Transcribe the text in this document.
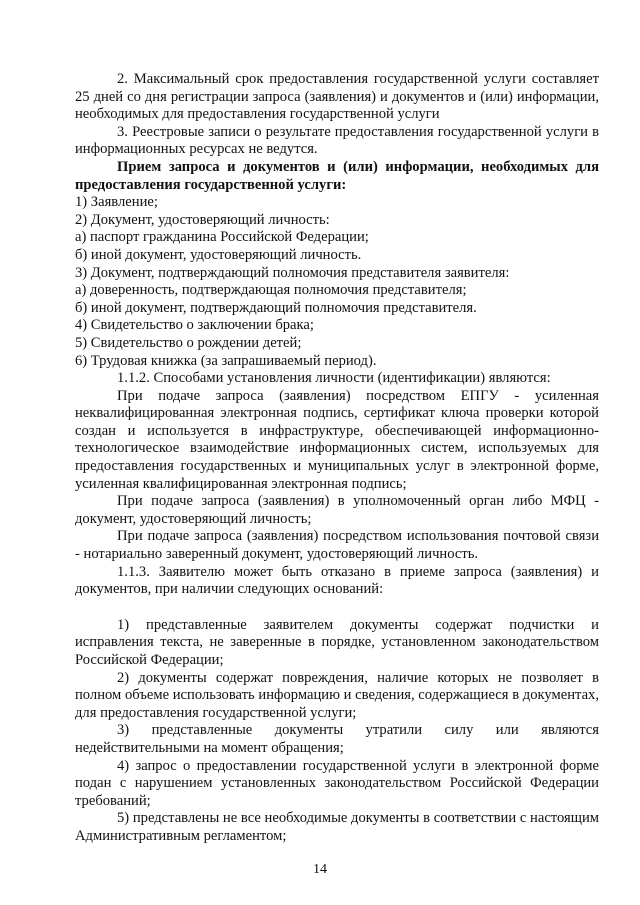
2. Максимальный срок предоставления государственной услуги составляет 25 дней со дня регистрации запроса (заявления) и документов и (или) информации, необходимых для предоставления государственной услуги

3. Реестровые записи о результате предоставления государственной услуги в информационных ресурсах не ведутся.

Прием запроса и документов и (или) информации, необходимых для предоставления государственной услуги:

1) Заявление;

2) Документ, удостоверяющий личность:

а) паспорт гражданина Российской Федерации;

б) иной документ, удостоверяющий личность.

3) Документ, подтверждающий полномочия представителя заявителя:

а) доверенность, подтверждающая полномочия представителя;

б) иной документ, подтверждающий полномочия представителя.

4) Свидетельство о заключении брака;

5) Свидетельство о рождении детей;

6) Трудовая книжка (за запрашиваемый период).

1.1.2. Способами установления личности (идентификации) являются:

При подаче запроса (заявления) посредством ЕПГУ - усиленная неквалифицированная электронная подпись, сертификат ключа проверки которой создан и используется в инфраструктуре, обеспечивающей информационно-технологическое взаимодействие информационных систем, используемых для предоставления государственных и муниципальных услуг в электронной форме, усиленная квалифицированная электронная подпись;

При подаче запроса (заявления) в уполномоченный орган либо МФЦ - документ, удостоверяющий личность;

При подаче запроса (заявления) посредством использования почтовой связи - нотариально заверенный документ, удостоверяющий личность.

1.1.3. Заявителю может быть отказано в приеме запроса (заявления) и документов, при наличии следующих оснований:

1) представленные заявителем документы содержат подчистки и исправления текста, не заверенные в порядке, установленном законодательством Российской Федерации;

2) документы содержат повреждения, наличие которых не позволяет в полном объеме использовать информацию и сведения, содержащиеся в документах, для предоставления государственной услуги;

3) представленные документы утратили силу или являются недействительными на момент обращения;

4) запрос о предоставлении государственной услуги в электронной форме подан с нарушением установленных законодательством Российской Федерации требований;

5) представлены не все необходимые документы в соответствии с настоящим Административным регламентом;

14
